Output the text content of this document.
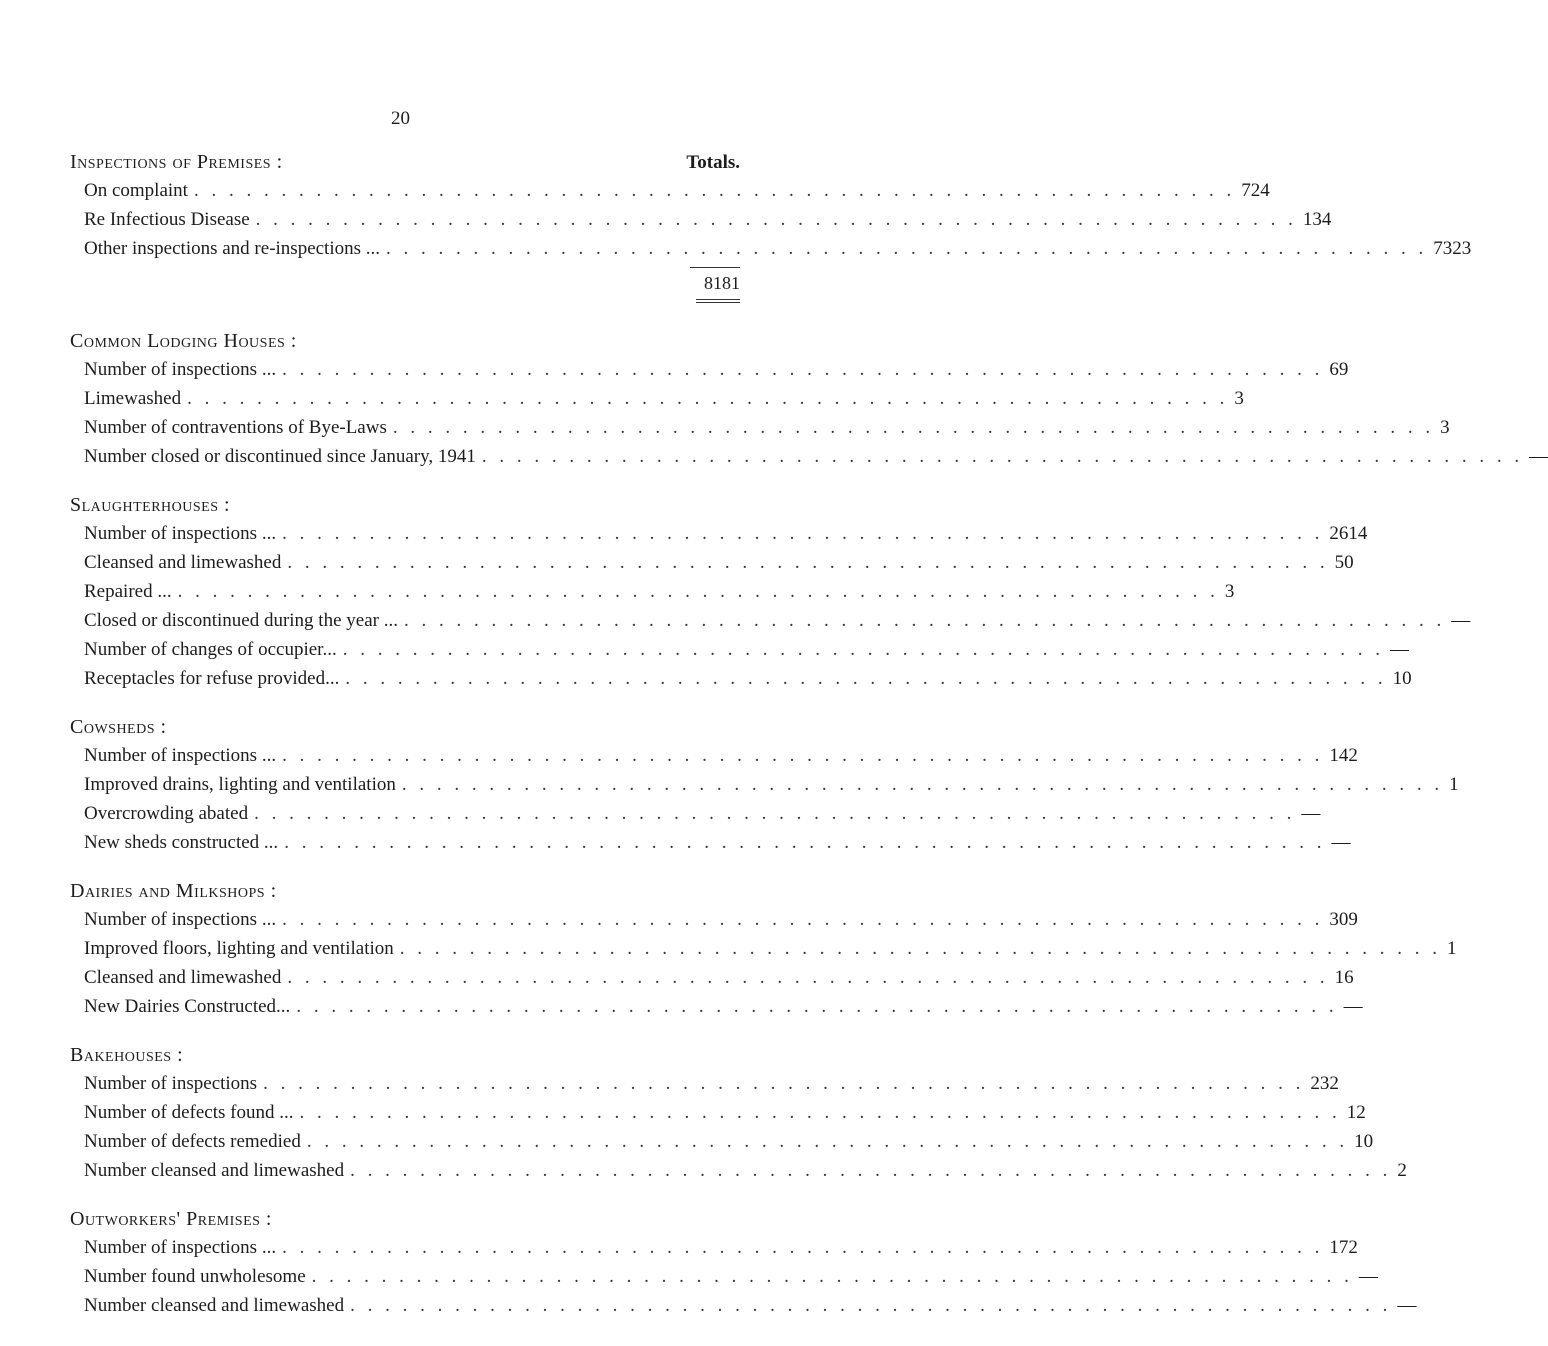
20
Inspections of Premises :	Totals.
On complaint . . . . . . . . . . . . . . . . . . . . . . . . . . . . . . . . . . . . . . . . . . . . . . . . . . . . . . . . . . . . 724
Re Infectious Disease . . . . . . . . . . . . . . . . . . . . . . . . . . . . . . . . . . . . . . . . . . . . . . . . . . . . . . . . . . . . 134
Other inspections and re-inspections ... . . . . . . . . . . . . . . . . . . . . . . . . . . . . . . . . . . . . . . . . . . . . . . . . . . . . . . . . . . . . 7323
8181
Common Lodging Houses :
Number of inspections ... . . . . . . . . . . . . . . . . . . . . . . . . . . . . . . . . . . . . . . . . . . . . . . . . . . . . . . . . . . . . 69
Limewashed . . . . . . . . . . . . . . . . . . . . . . . . . . . . . . . . . . . . . . . . . . . . . . . . . . . . . . . . . . . . 3
Number of contraventions of Bye-Laws . . . . . . . . . . . . . . . . . . . . . . . . . . . . . . . . . . . . . . . . . . . . . . . . . . . . . . . . . . . . 3
Number closed or discontinued since January, 1941 . . . . . . . . . . . . . . . . . . . . . . . . . . . . . . . . . . . . . . . . . . . . . . . . . . . . . . . . . . . . —
Slaughterhouses :
Number of inspections ... . . . . . . . . . . . . . . . . . . . . . . . . . . . . . . . . . . . . . . . . . . . . . . . . . . . . . . . . . . . . 2614
Cleansed and limewashed . . . . . . . . . . . . . . . . . . . . . . . . . . . . . . . . . . . . . . . . . . . . . . . . . . . . . . . . . . . . 50
Repaired ... . . . . . . . . . . . . . . . . . . . . . . . . . . . . . . . . . . . . . . . . . . . . . . . . . . . . . . . . . . . . 3
Closed or discontinued during the year ... . . . . . . . . . . . . . . . . . . . . . . . . . . . . . . . . . . . . . . . . . . . . . . . . . . . . . . . . . . . . —
Number of changes of occupier... . . . . . . . . . . . . . . . . . . . . . . . . . . . . . . . . . . . . . . . . . . . . . . . . . . . . . . . . . . . . —
Receptacles for refuse provided... . . . . . . . . . . . . . . . . . . . . . . . . . . . . . . . . . . . . . . . . . . . . . . . . . . . . . . . . . . . . 10
Cowsheds :
Number of inspections ... . . . . . . . . . . . . . . . . . . . . . . . . . . . . . . . . . . . . . . . . . . . . . . . . . . . . . . . . . . . . 142
Improved drains, lighting and ventilation . . . . . . . . . . . . . . . . . . . . . . . . . . . . . . . . . . . . . . . . . . . . . . . . . . . . . . . . . . . . 1
Overcrowding abated . . . . . . . . . . . . . . . . . . . . . . . . . . . . . . . . . . . . . . . . . . . . . . . . . . . . . . . . . . . . —
New sheds constructed ... . . . . . . . . . . . . . . . . . . . . . . . . . . . . . . . . . . . . . . . . . . . . . . . . . . . . . . . . . . . . —
Dairies and Milkshops :
Number of inspections ... . . . . . . . . . . . . . . . . . . . . . . . . . . . . . . . . . . . . . . . . . . . . . . . . . . . . . . . . . . . . 309
Improved floors, lighting and ventilation . . . . . . . . . . . . . . . . . . . . . . . . . . . . . . . . . . . . . . . . . . . . . . . . . . . . . . . . . . . . 1
Cleansed and limewashed . . . . . . . . . . . . . . . . . . . . . . . . . . . . . . . . . . . . . . . . . . . . . . . . . . . . . . . . . . . . 16
New Dairies Constructed... . . . . . . . . . . . . . . . . . . . . . . . . . . . . . . . . . . . . . . . . . . . . . . . . . . . . . . . . . . . . —
Bakehouses :
Number of inspections . . . . . . . . . . . . . . . . . . . . . . . . . . . . . . . . . . . . . . . . . . . . . . . . . . . . . . . . . . . . 232
Number of defects found ... . . . . . . . . . . . . . . . . . . . . . . . . . . . . . . . . . . . . . . . . . . . . . . . . . . . . . . . . . . . . 12
Number of defects remedied . . . . . . . . . . . . . . . . . . . . . . . . . . . . . . . . . . . . . . . . . . . . . . . . . . . . . . . . . . . . 10
Number cleansed and limewashed . . . . . . . . . . . . . . . . . . . . . . . . . . . . . . . . . . . . . . . . . . . . . . . . . . . . . . . . . . . . 2
Outworkers' Premises :
Number of inspections ... . . . . . . . . . . . . . . . . . . . . . . . . . . . . . . . . . . . . . . . . . . . . . . . . . . . . . . . . . . . . 172
Number found unwholesome . . . . . . . . . . . . . . . . . . . . . . . . . . . . . . . . . . . . . . . . . . . . . . . . . . . . . . . . . . . . —
Number cleansed and limewashed . . . . . . . . . . . . . . . . . . . . . . . . . . . . . . . . . . . . . . . . . . . . . . . . . . . . . . . . . . . . —
